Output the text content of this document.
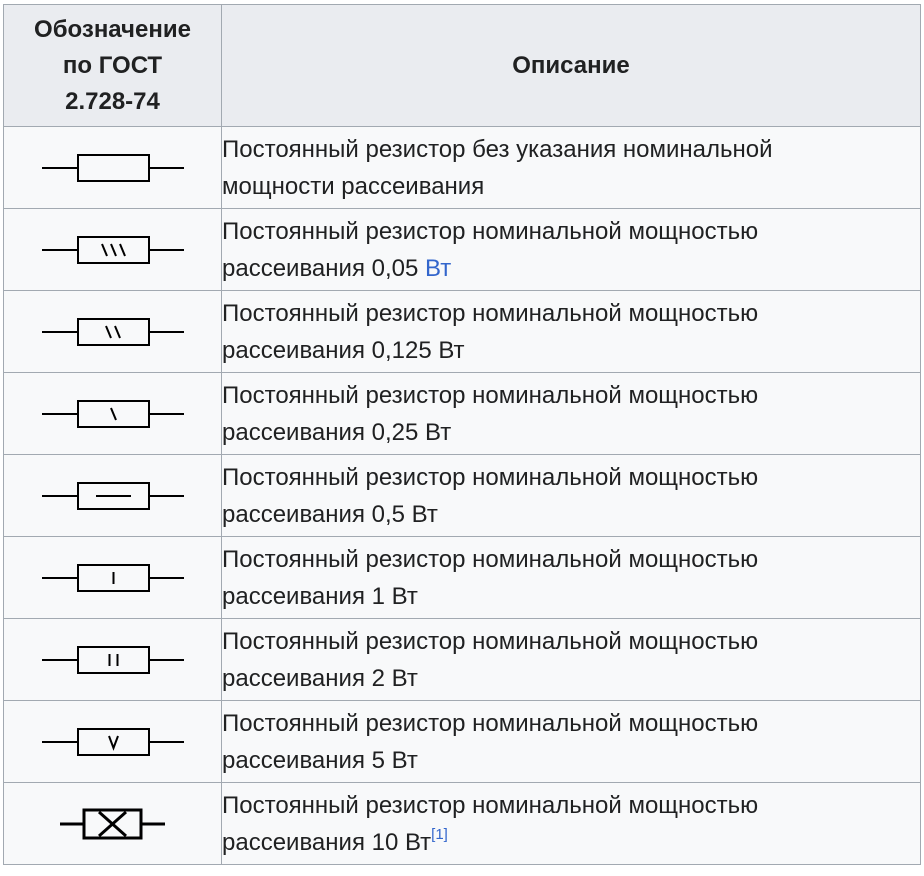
Обозначение
по ГОСТ
2.728-74	Описание

Постоянный резистор без указания номинальной
мощности рассеивания

Постоянный резистор номинальной мощностью
рассеивания 0,05 Вт

Постоянный резистор номинальной мощностью
рассеивания 0,125 Вт

Постоянный резистор номинальной мощностью
рассеивания 0,25 Вт

Постоянный резистор номинальной мощностью
рассеивания 0,5 Вт

Постоянный резистор номинальной мощностью
рассеивания 1 Вт

Постоянный резистор номинальной мощностью
рассеивания 2 Вт

Постоянный резистор номинальной мощностью
рассеивания 5 Вт

Постоянный резистор номинальной мощностью
рассеивания 10 Вт[1]
